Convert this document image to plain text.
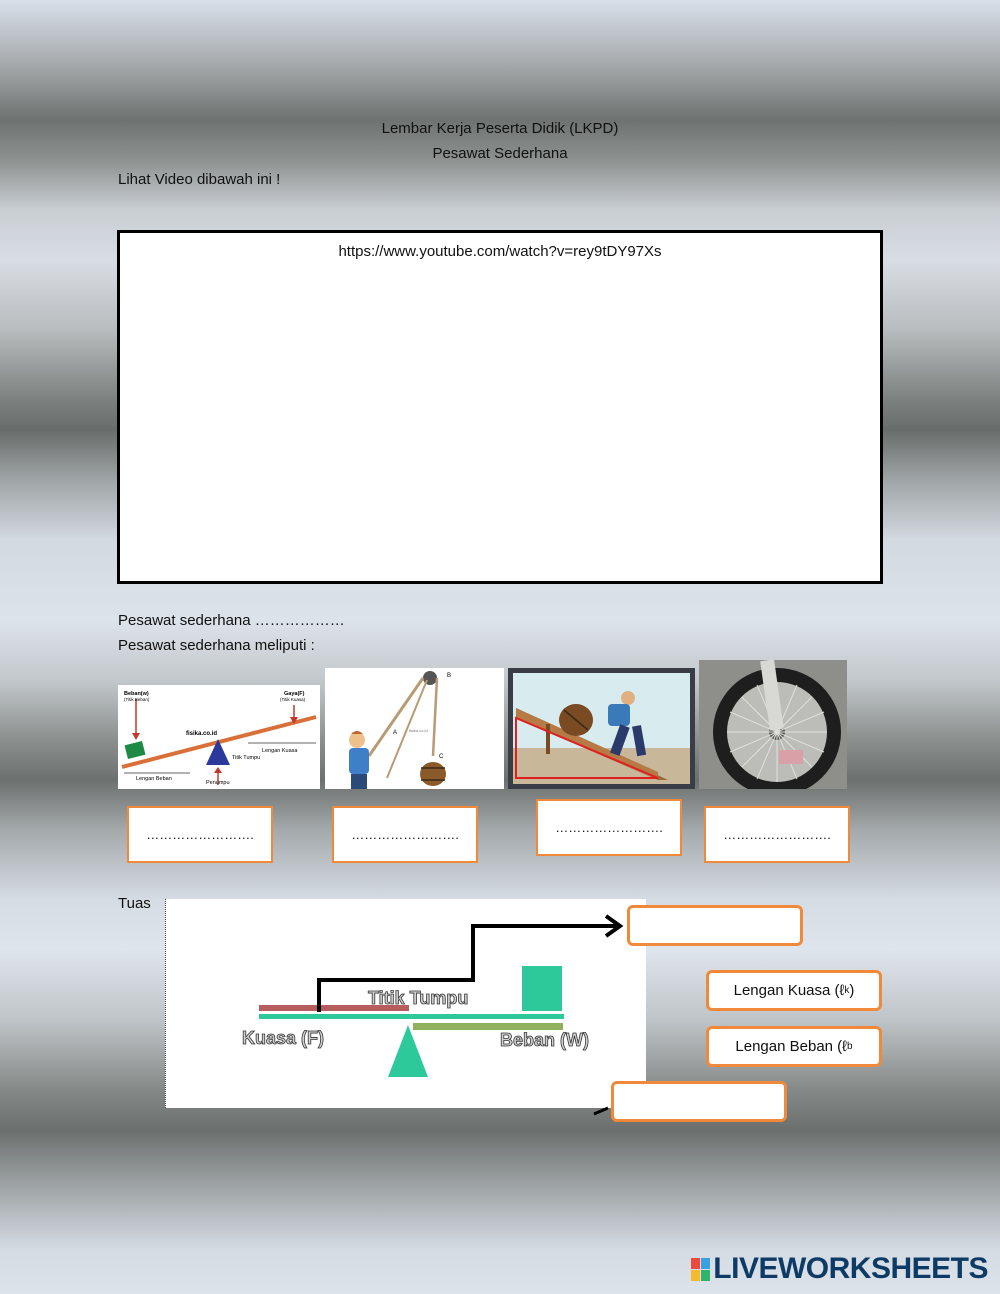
Lembar Kerja Peserta Didik (LKPD)
Pesawat Sederhana
Lihat Video dibawah ini !
https://www.youtube.com/watch?v=rey9tDY97Xs
Pesawat sederhana ………………
Pesawat sederhana meliputi :
Beban(w)
(Titik Beban)
Gaya(F)
(Titik Kuasa)
fisika.co.id
Lengan Kuasa
Lengan Beban
Titik Tumpu
Penumpu
B
A
C
fisika.co.id
…………………….	…………………….	…………………….	…………………….
Tuas
Titik Tumpu
Kuasa (F)	Beban (W)
Lengan Kuasa (ℓ k )
Lengan Beban (ℓ b
LIVEWORKSHEETS
